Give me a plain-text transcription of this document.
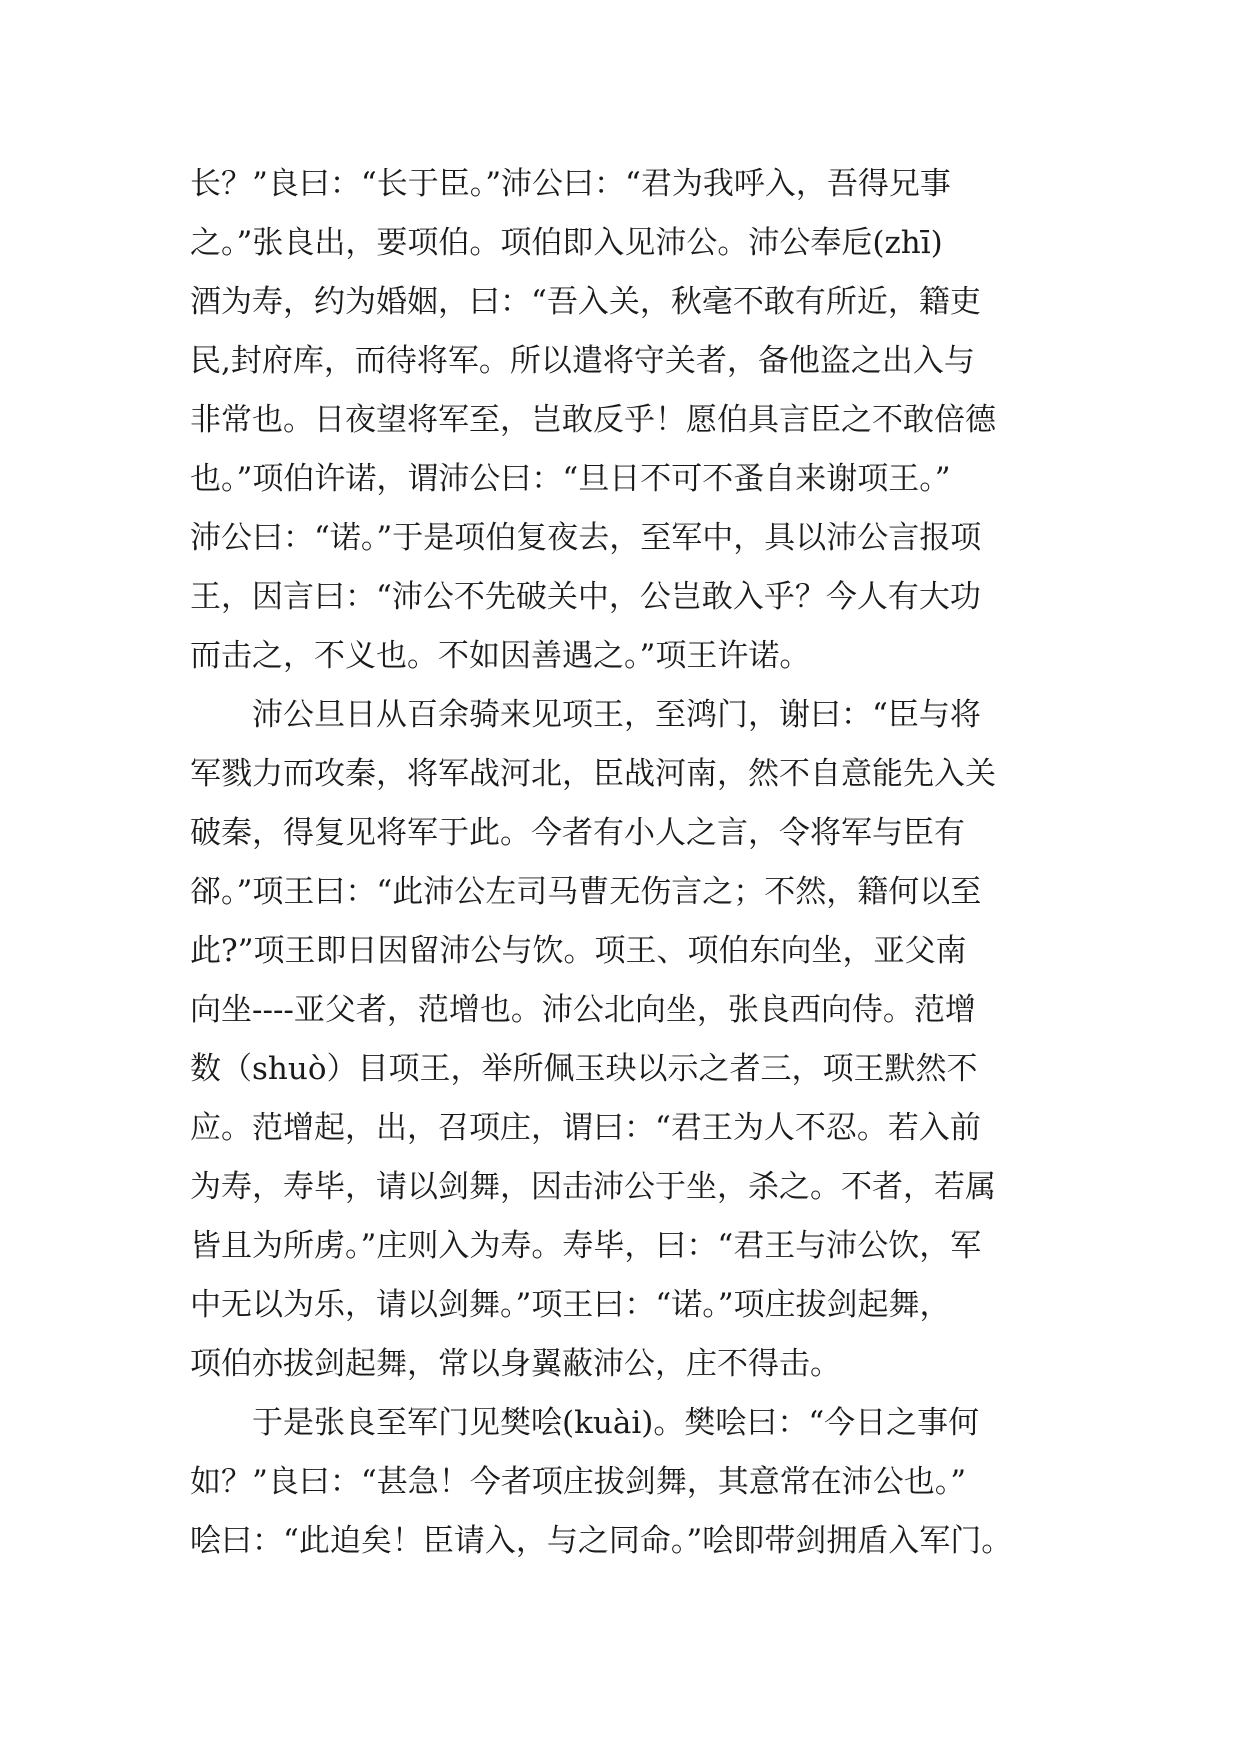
长？”良曰：“长于臣。”沛公曰：“君为我呼入，吾得兄事
之。”张良出，要项伯。项伯即入见沛公。沛公奉卮(zhī)
酒为寿，约为婚姻，曰：“吾入关，秋毫不敢有所近，籍吏
民,封府库，而待将军。所以遣将守关者，备他盗之出入与
非常也。日夜望将军至，岂敢反乎！愿伯具言臣之不敢倍德
也。”项伯许诺，谓沛公曰：“旦日不可不蚤自来谢项王。”
沛公曰：“诺。”于是项伯复夜去，至军中，具以沛公言报项
王，因言曰：“沛公不先破关中，公岂敢入乎？今人有大功
而击之，不义也。不如因善遇之。”项王许诺。
沛公旦日从百余骑来见项王，至鸿门，谢曰：“臣与将
军戮力而攻秦，将军战河北，臣战河南，然不自意能先入关
破秦，得复见将军于此。今者有小人之言，令将军与臣有
郤。”项王曰：“此沛公左司马曹无伤言之；不然，籍何以至
此?”项王即日因留沛公与饮。项王、项伯东向坐，亚父南
向坐----亚父者，范增也。沛公北向坐，张良西向侍。范增
数（shuò）目项王，举所佩玉玦以示之者三，项王默然不
应。范增起，出，召项庄，谓曰：“君王为人不忍。若入前
为寿，寿毕，请以剑舞，因击沛公于坐，杀之。不者，若属
皆且为所虏。”庄则入为寿。寿毕，曰：“君王与沛公饮，军
中无以为乐，请以剑舞。”项王曰：“诺。”项庄拔剑起舞，
项伯亦拔剑起舞，常以身翼蔽沛公，庄不得击。
于是张良至军门见樊哙(kuài)。樊哙曰：“今日之事何
如？”良曰：“甚急！今者项庄拔剑舞，其意常在沛公也。”
哙曰：“此迫矣！臣请入，与之同命。”哙即带剑拥盾入军门。
